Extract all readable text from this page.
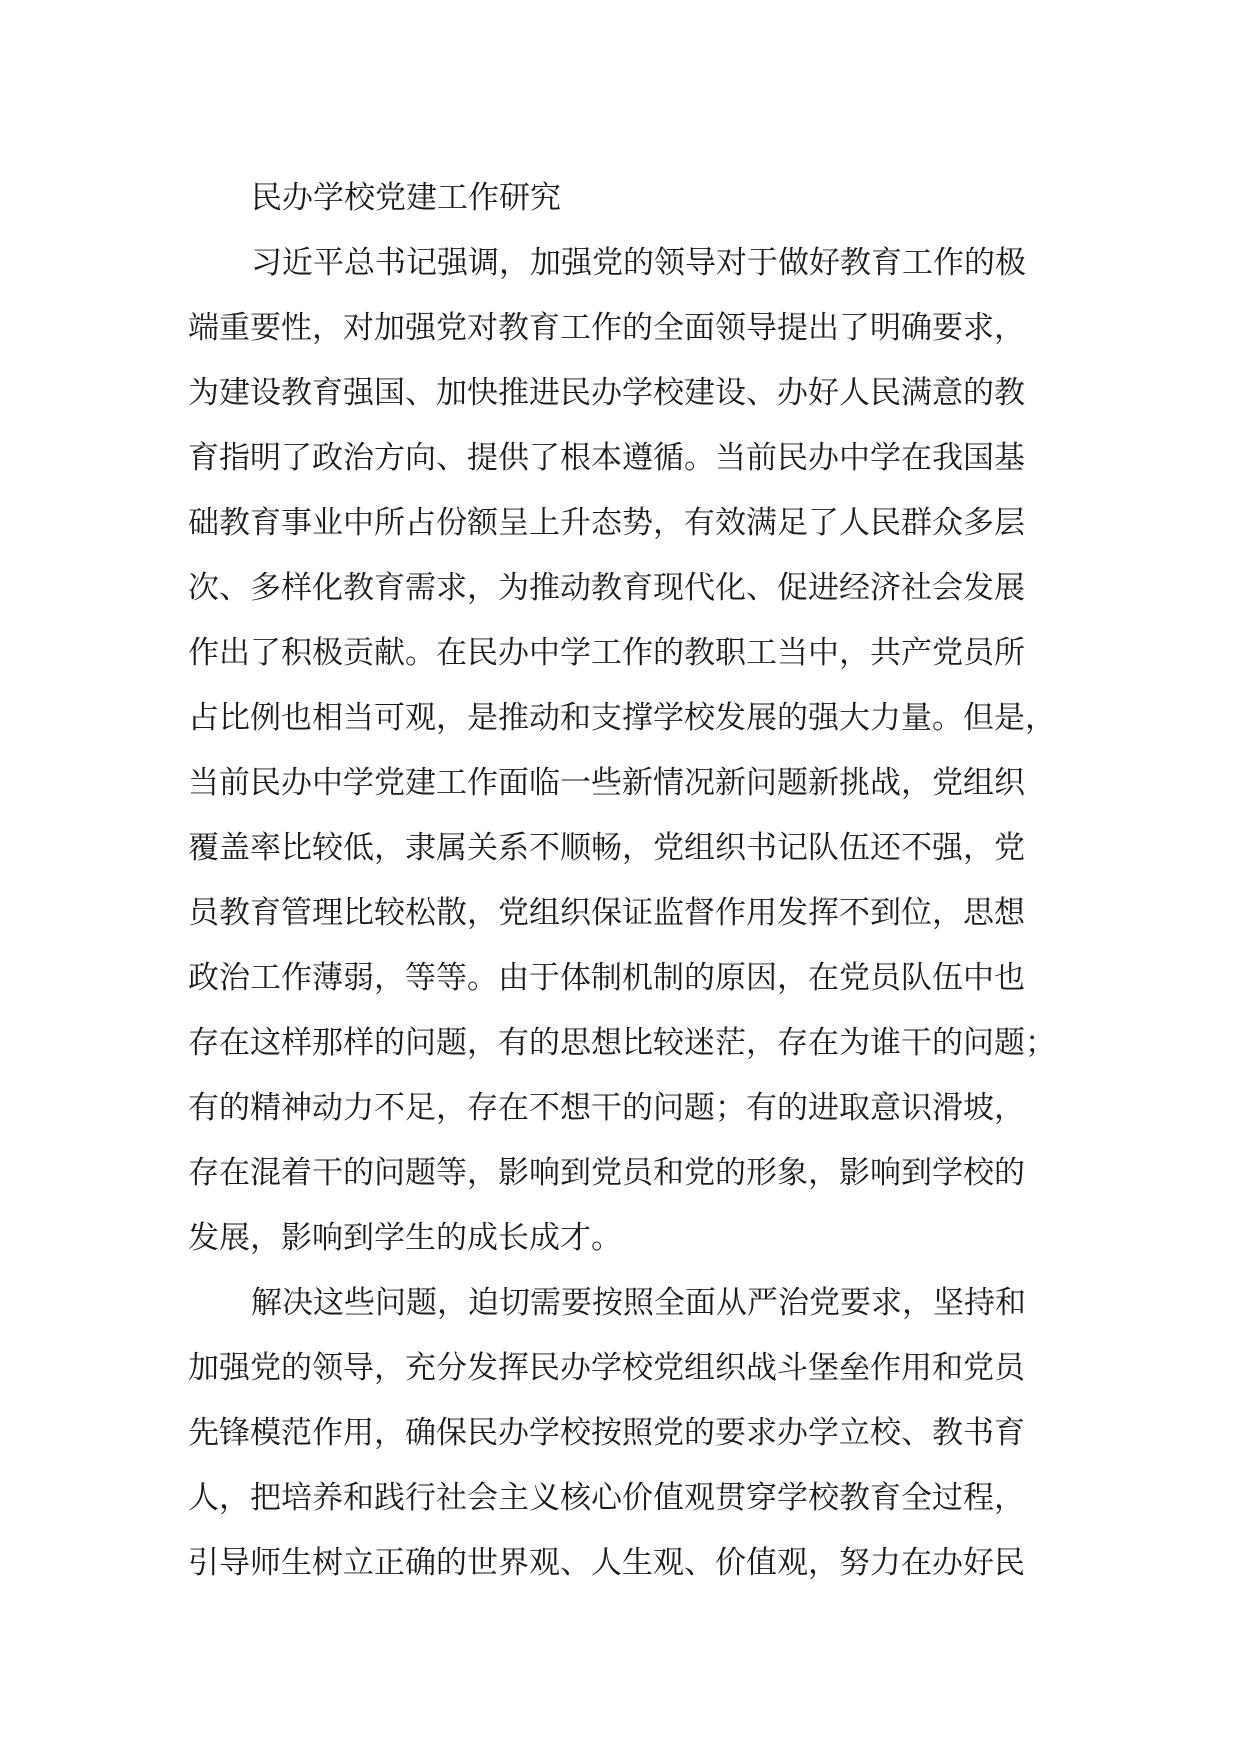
民办学校党建工作研究
习近平总书记强调，加强党的领导对于做好教育工作的极
端重要性，对加强党对教育工作的全面领导提出了明确要求，
为建设教育强国、加快推进民办学校建设、办好人民满意的教
育指明了政治方向、提供了根本遵循。当前民办中学在我国基
础教育事业中所占份额呈上升态势，有效满足了人民群众多层
次、多样化教育需求，为推动教育现代化、促进经济社会发展
作出了积极贡献。在民办中学工作的教职工当中，共产党员所
占比例也相当可观，是推动和支撑学校发展的强大力量。但是，
当前民办中学党建工作面临一些新情况新问题新挑战，党组织
覆盖率比较低，隶属关系不顺畅，党组织书记队伍还不强，党
员教育管理比较松散，党组织保证监督作用发挥不到位，思想
政治工作薄弱，等等。由于体制机制的原因，在党员队伍中也
存在这样那样的问题，有的思想比较迷茫，存在为谁干的问题；
有的精神动力不足，存在不想干的问题；有的进取意识滑坡，
存在混着干的问题等，影响到党员和党的形象，影响到学校的
发展，影响到学生的成长成才。
解决这些问题，迫切需要按照全面从严治党要求，坚持和
加强党的领导，充分发挥民办学校党组织战斗堡垒作用和党员
先锋模范作用，确保民办学校按照党的要求办学立校、教书育
人，把培养和践行社会主义核心价值观贯穿学校教育全过程，
引导师生树立正确的世界观、人生观、价值观，努力在办好民
